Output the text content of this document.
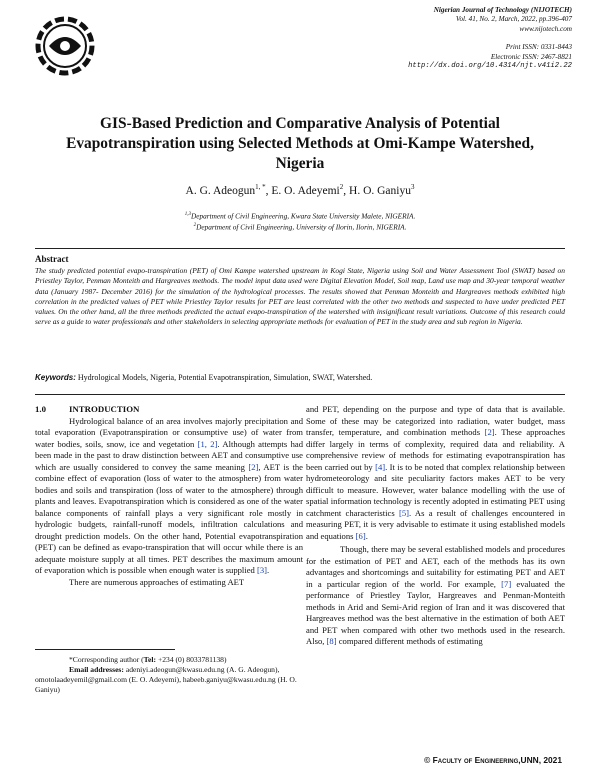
Nigerian Journal of Technology (NIJOTECH)
Vol. 41, No. 2, March, 2022, pp.396-407
www.nijotech.com
Print ISSN: 0331-8443
Electronic ISSN: 2467-8821
http://dx.doi.org/10.4314/njt.v41i2.22
GIS-Based Prediction and Comparative Analysis of Potential
Evapotranspiration using Selected Methods at Omi-Kampe Watershed,
Nigeria
A. G. Adeogun$^{1, *}$, E. O. Adeyemi$^2$, H. O. Ganiyu$^3$
$^{1,3}$Department of Civil Engineering, Kwara State University Malete, NIGERIA.
$^2$Department of Civil Engineering, University of Ilorin, Ilorin, NIGERIA.
Abstract
The study predicted potential evapo-transpiration (PET) of Omi Kampe watershed upstream in Kogi State, Nigeria using Soil and Water Assessment Tool (SWAT) based on Priestley Taylor, Penman Monteith and Hargreaves methods. The model input data used were Digital Elevation Model, Soil map, Land use map and 30-year temporal weather data (January 1987- December 2016) for the simulation of the hydrological processes. The results showed that Penman Monteith and Hargreaves methods exhibited high correlation in the predicted values of PET while Priestley Taylor results for PET are least correlated with the other two methods and suspected to have under predicted PET values. On the other hand, all the three methods predicted the actual evapo-transpiration of the watershed with insignificant result variations. Outcome of this research could serve as a guide to water professionals and other stakeholders in selecting appropriate methods for evaluation of PET in the study area and sub region in Nigeria.
Keywords: Hydrological Models, Nigeria, Potential Evapotranspiration, Simulation, SWAT, Watershed.
1.0	INTRODUCTION

Hydrological balance of an area involves majorly precipitation and total evaporation (Evapotranspiration or consumptive use) of water from water bodies, soils, snow, ice and vegetation [1, 2]. Although attempts had been made in the past to draw distinction between AET and consumptive use which are usually considered to convey the same meaning [2], AET is the combine effect of evaporation (loss of water to the atmosphere) from water bodies and soils and transpiration (loss of water to the atmosphere) through plants and leaves. Evapotranspiration which is considered as one of the water balance components of rainfall plays a very significant role mostly in hydrologic budgets, rainfall-runoff models, infiltration calculations and drought prediction models. On the other hand, Potential evapotranspiration (PET) can be defined as evapo-transpiration that will occur while there is an adequate moisture supply at all times. PET describes the maximum amount of evaporation which is possible when enough water is supplied [3].

There are numerous approaches of estimating AET

*Corresponding author (Tel: +234 (0) 8033781138)

Email addresses: adeniyi.adeogun@kwasu.edu.ng (A. G. Adeogun), omotolaadeyemil@gmail.com (E. O. Adeyemi), habeeb.ganiyu@kwasu.edu.ng (H. O. Ganiyu)

and PET, depending on the purpose and type of data that is available. Some of these may be categorized into radiation, water budget, mass transfer, temperature, and combination methods [2]. These approaches differ largely in terms of complexity, required data and reliability. A comprehensive review of methods for estimating evapotranspiration has been carried out by [4]. It is to be noted that complex relationship between hydrometeorology and site peculiarity factors makes AET to be very difficult to measure. However, water balance modelling with the use of spatial information technology is recently adopted in estimating PET using catchment characteristics [5]. As a result of challenges encountered in measuring PET, it is very advisable to estimate it using established models and equations [6].

Though, there may be several established models and procedures for the estimation of PET and AET, each of the methods has its own advantages and shortcomings and suitability for estimating PET and AET in a particular region of the world. For example, [7] evaluated the performance of Priestley Taylor, Hargreaves and Penman-Monteith methods in Arid and Semi-Arid region of Iran and it was discovered that Hargreaves method was the best alternative in the estimation of both AET and PET when compared with other two methods used in the research. Also, [8] compared different methods of estimating

© Faculty of Engineering,UNN, 2021
